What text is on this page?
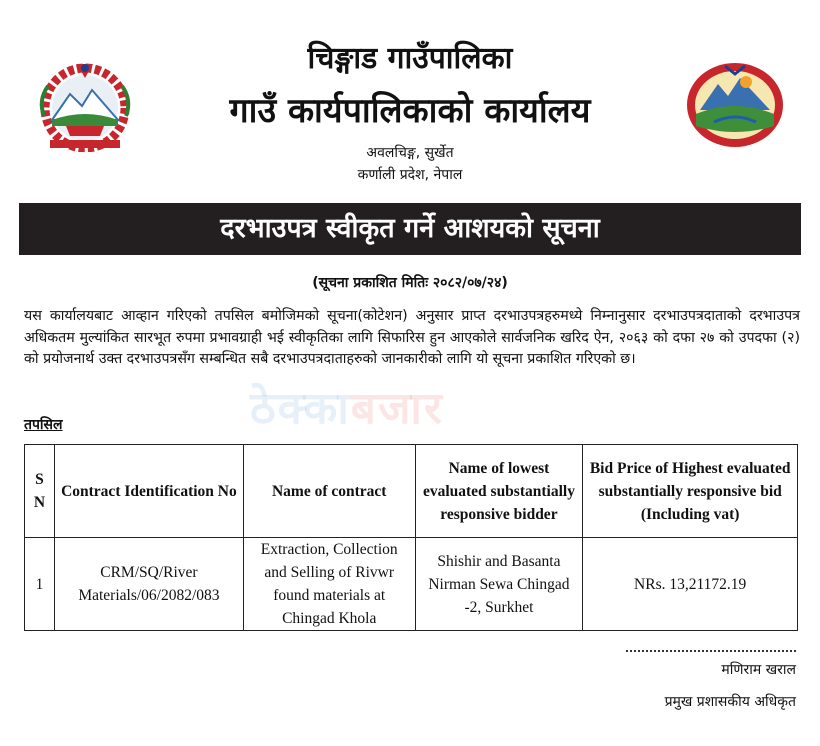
चिङ्गाड गाउँपालिका
गाउँ कार्यपालिकाको कार्यालय
अवलचिङ्ग, सुर्खेत
कर्णाली प्रदेश, नेपाल
दरभाउपत्र स्वीकृत गर्ने आशयको सूचना
(सूचना प्रकाशित मितिः २०८२/०७/२४)
यस कार्यालयबाट आव्हान गरिएको तपसिल बमोजिमको सूचना(कोटेशन) अनुसार प्राप्त दरभाउपत्रहरुमध्ये निम्नानुसार दरभाउपत्रदाताको दरभाउपत्र अधिकतम मुल्यांकित सारभूत रुपमा प्रभावग्राही भई स्वीकृतिका लागि सिफारिस हुन आएकोले सार्वजनिक खरिद ऐन, २०६३ को दफा २७ को उपदफा (२) को प्रयोजनार्थ उक्त दरभाउपत्रसँग सम्बन्धित सबै दरभाउपत्रदाताहरुको जानकारीको लागि यो सूचना प्रकाशित गरिएको छ।
ठेक्काबजार
तपसिल
S N	Contract Identification No	Name of contract	Name of lowest evaluated substantially responsive bidder	Bid Price of Highest evaluated substantially responsive bid (Including vat)
1	CRM/SQ/River Materials/06/2082/083	Extraction, Collection and Selling of Rivwr found materials at Chingad Khola	Shishir and Basanta Nirman Sewa Chingad -2, Surkhet	NRs. 13,21172.19
मणिराम खराल
प्रमुख प्रशासकीय अधिकृत
